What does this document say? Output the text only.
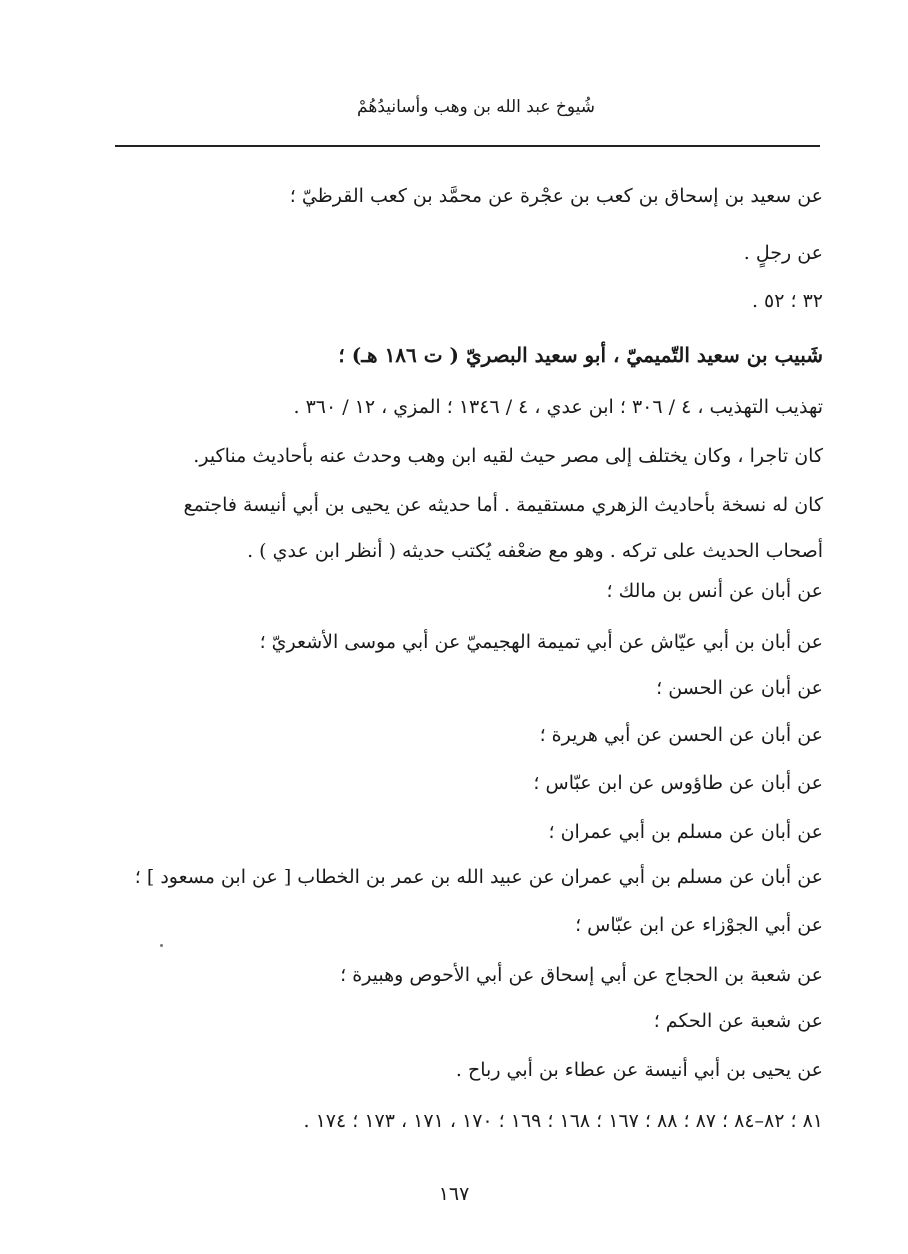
شُيوخ عبد الله بن وهب وأسانيدُهُمْ
عن سعيد بن إسحاق بن كعب بن عجْرة عن محمَّد بن كعب القرظيّ ؛
عن رجلٍ .
٣٢ ؛ ٥٢ .
شَبيب بن سعيد التّميميّ ، أبو سعيد البصريّ ( ت ١٨٦ هـ) ؛
تهذيب التهذيب ، ٤ / ٣٠٦ ؛ ابن عدي ، ٤ / ١٣٤٦ ؛ المزي ، ١٢ / ٣٦٠ .
كان تاجرا ، وكان يختلف إلى مصر حيث لقيه ابن وهب وحدث عنه بأحاديث مناكير.
كان له نسخة بأحاديث الزهري مستقيمة . أما حديثه عن يحيى بن أبي أنيسة فاجتمع
أصحاب الحديث على تركه . وهو مع ضعْفه يُكتب حديثه ( أنظر ابن عدي ) .
عن أبان عن أنس بن مالك ؛
عن أبان بن أبي عيّاش عن أبي تميمة الهجيميّ عن أبي موسى الأشعريّ ؛
عن أبان عن الحسن ؛
عن أبان عن الحسن عن أبي هريرة ؛
عن أبان عن طاؤوس عن ابن عبّاس ؛
عن أبان عن مسلم بن أبي عمران ؛
عن أبان عن مسلم بن أبي عمران عن عبيد الله بن عمر بن الخطاب [ عن ابن مسعود ] ؛
عن أبي الجوْزاء عن ابن عبّاس ؛
عن شعبة بن الحجاج عن أبي إسحاق عن أبي الأحوص وهبيرة ؛
عن شعبة عن الحكم ؛
عن يحيى بن أبي أنيسة عن عطاء بن أبي رباح .
٨١ ؛ ٨٢–٨٤ ؛ ٨٧ ؛ ٨٨ ؛ ١٦٧ ؛ ١٦٨ ؛ ١٦٩ ؛ ١٧٠ ، ١٧١ ، ١٧٣ ؛ ١٧٤ .
١٦٧
